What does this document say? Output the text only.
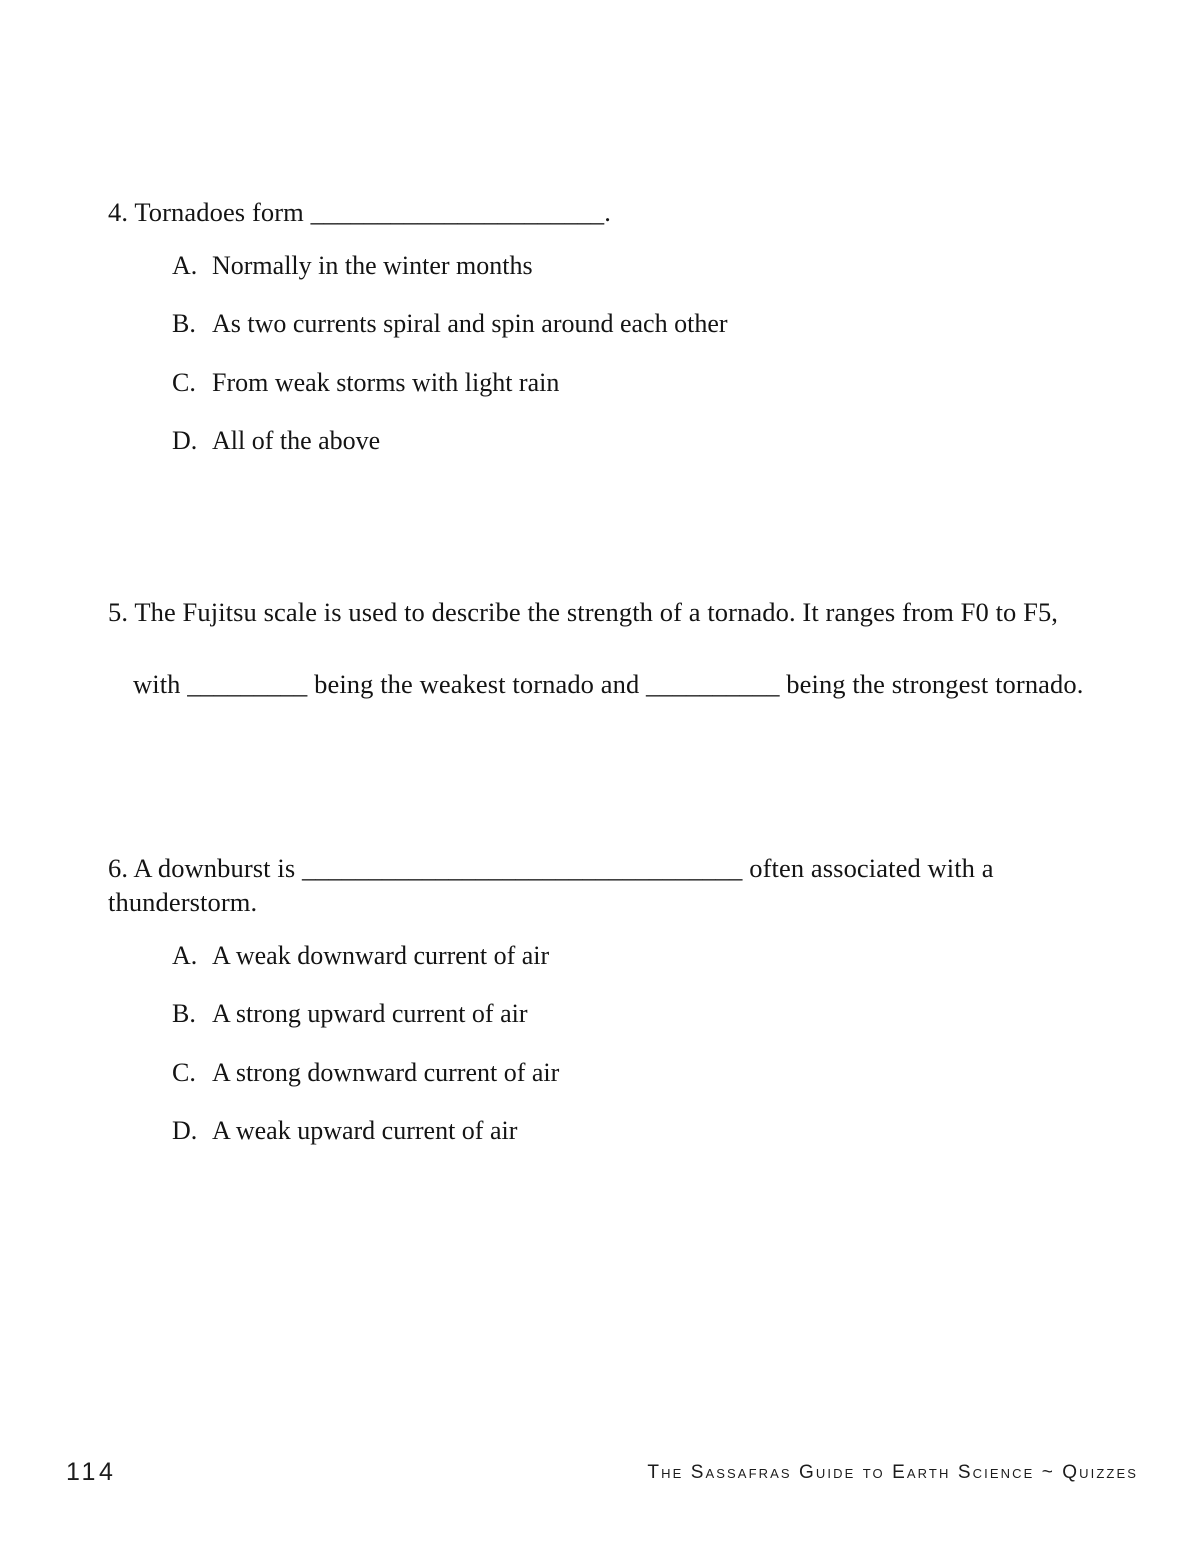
4. Tornadoes form ______________________.
A. Normally in the winter months
B. As two currents spiral and spin around each other
C. From weak storms with light rain
D. All of the above
5. The Fujitsu scale is used to describe the strength of a tornado. It ranges from F0 to F5,
with _________ being the weakest tornado and __________ being the strongest tornado.
6. A downburst is _________________________________ often associated with a thunderstorm.
A. A weak downward current of air
B. A strong upward current of air
C. A strong downward current of air
D. A weak upward current of air
114	The Sassafras Guide to Earth Science ~ Quizzes
